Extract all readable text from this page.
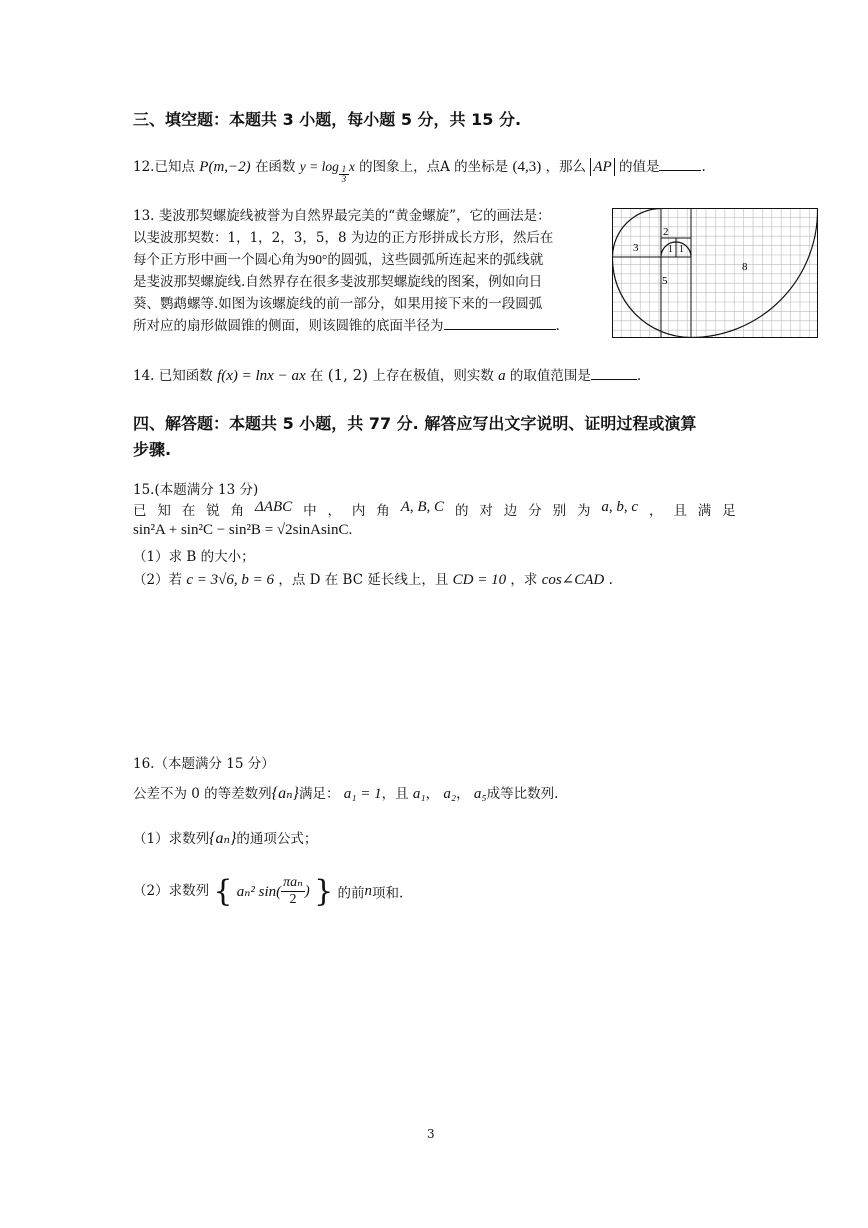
三、填空题：本题共 3 小题，每小题 5 分，共 15 分.
12.已知点 P(m,−2) 在函数 $y = \log \frac{1}{3}$ x 的图象上，点A 的坐标是 (4,3) ，那么 AP 的值是	.
13. 斐波那契螺旋线被誉为自然界最完美的“黄金螺旋”，它的画法是：
以斐波那契数：1，1，2，3，5，8 为边的正方形拼成长方形，然后在
每个正方形中画一个圆心角为90°的圆弧，这些圆弧所连起来的弧线就
是斐波那契螺旋线.自然界存在很多斐波那契螺旋线的图案，例如向日
葵、鹦鹉螺等.如图为该螺旋线的前一部分，如果用接下来的一段圆弧
所对应的扇形做圆锥的侧面，则该圆锥的底面半径为	.
2
3	1 1
8
5
14. 已知函数 f(x) = lnx − ax 在 (1, 2) 上存在极值，则实数 a 的取值范围是	.
四、解答题：本题共 5 小题，共 77 分. 解答应写出文字说明、证明过程或演算
步骤.
15.(本题满分 13 分)
已 知 在 锐 角 ΔABC 中 ， 内 角 A, B, C 的 对 边 分 别 为 a, b, c ， 且 满 足
sin²A + sin²C − sin²B = √2sinAsinC.
（1）求 B 的大小；
（2）若 c = 3√6, b = 6 ，点 D 在 BC 延长线上，且 CD = 10 ，求 cos∠CAD .
16.（本题满分 15 分）
公差不为 0 的等差数列{aₙ}满足： a₁ = 1，且 a₁， a₂， a₅成等比数列.
（1）求数列{aₙ}的通项公式；
（2）求数列 { aₙ² sin(
πaₙ
2
) } 的前n项和.
3
